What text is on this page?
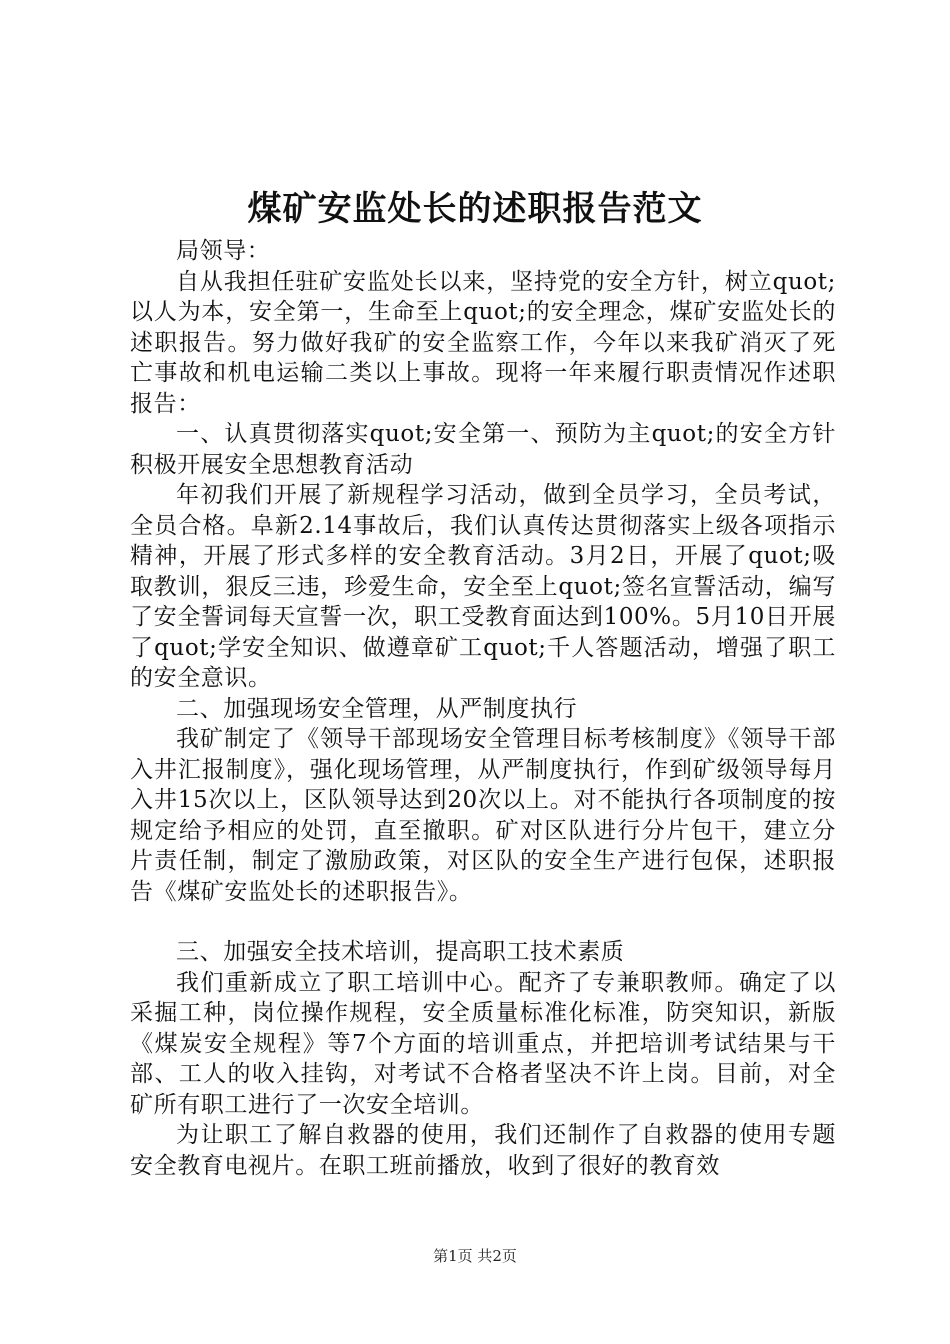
煤矿安监处长的述职报告范文

局领导：

自从我担任驻矿安监处长以来，坚持党的安全方针，树立quot;以人为本，安全第一，生命至上quot;的安全理念，煤矿安监处长的述职报告。努力做好我矿的安全监察工作，今年以来我矿消灭了死亡事故和机电运输二类以上事故。现将一年来履行职责情况作述职报告：

一、认真贯彻落实quot;安全第一、预防为主quot;的安全方针积极开展安全思想教育活动

年初我们开展了新规程学习活动，做到全员学习，全员考试，全员合格。阜新2.14事故后，我们认真传达贯彻落实上级各项指示精神，开展了形式多样的安全教育活动。3月2日，开展了quot;吸取教训，狠反三违，珍爱生命，安全至上quot;签名宣誓活动，编写了安全誓词每天宣誓一次，职工受教育面达到100%。5月10日开展了quot;学安全知识、做遵章矿工quot;千人答题活动，增强了职工的安全意识。

二、加强现场安全管理，从严制度执行

我矿制定了《领导干部现场安全管理目标考核制度》《领导干部入井汇报制度》，强化现场管理，从严制度执行，作到矿级领导每月入井15次以上，区队领导达到20次以上。对不能执行各项制度的按规定给予相应的处罚，直至撤职。矿对区队进行分片包干，建立分片责任制，制定了激励政策，对区队的安全生产进行包保，述职报告《煤矿安监处长的述职报告》。

三、加强安全技术培训，提高职工技术素质

我们重新成立了职工培训中心。配齐了专兼职教师。确定了以采掘工种，岗位操作规程，安全质量标准化标准，防突知识，新版《煤炭安全规程》等7个方面的培训重点，并把培训考试结果与干部、工人的收入挂钩，对考试不合格者坚决不许上岗。目前，对全矿所有职工进行了一次安全培训。

为让职工了解自救器的使用，我们还制作了自救器的使用专题安全教育电视片。在职工班前播放，收到了很好的教育效

第1页 共2页
